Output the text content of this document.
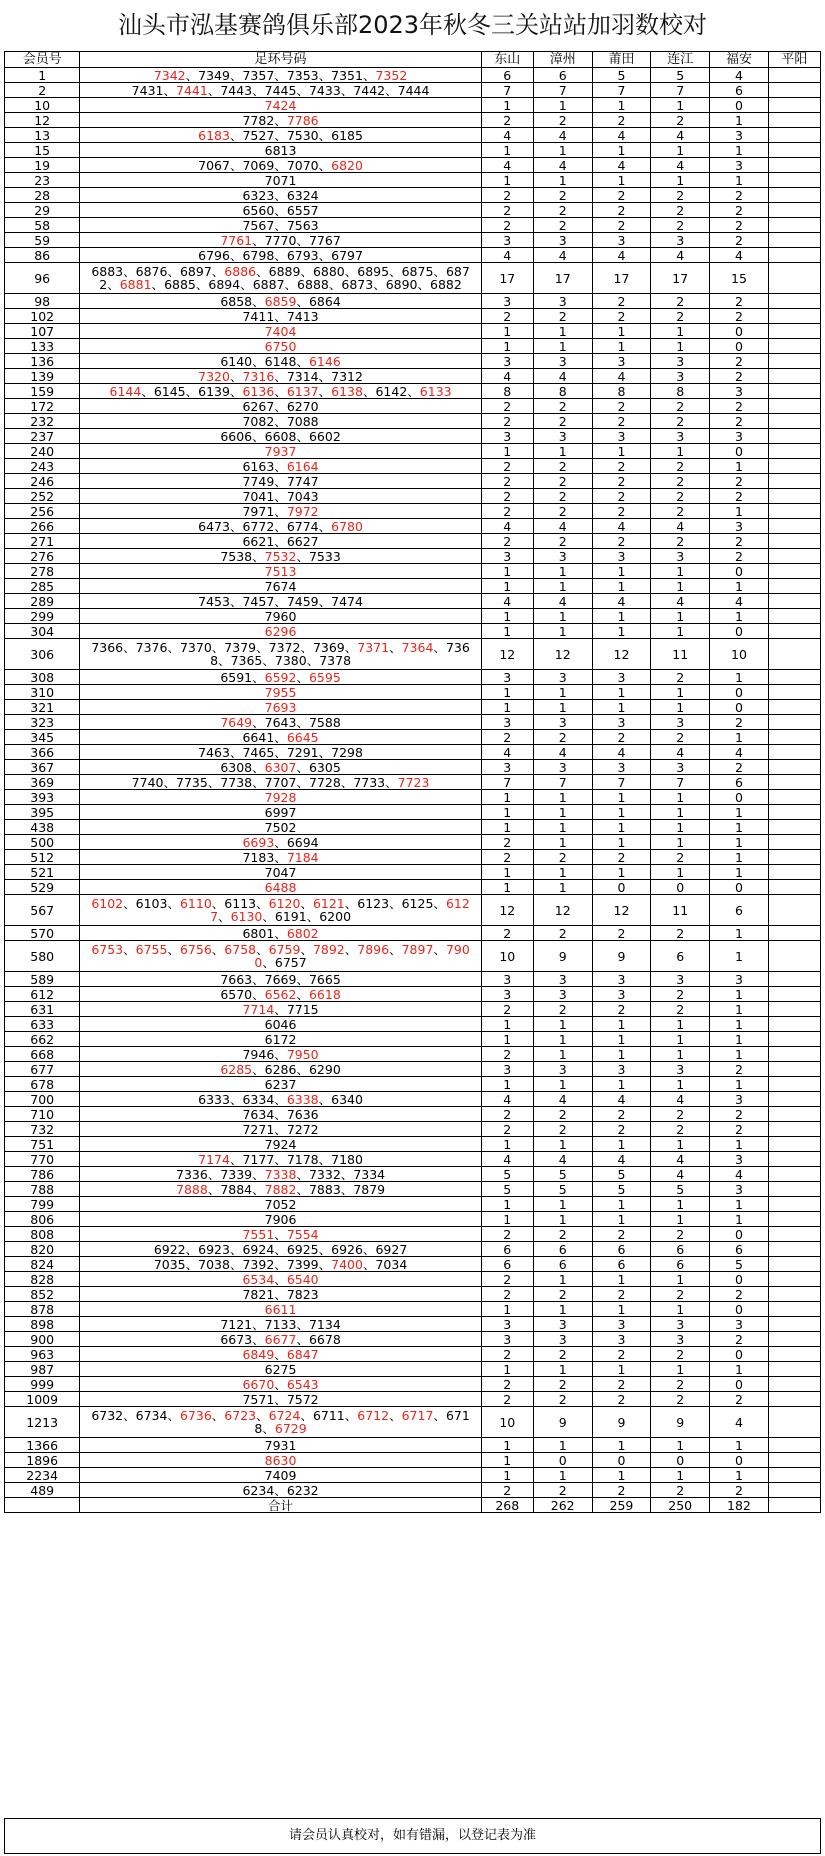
汕头市泓基赛鸽俱乐部2023年秋冬三关站站加羽数校对
会员号	足环号码	东山	漳州	莆田	连江	福安	平阳
1	7342、7349、7357、7353、7351、7352	6	6	5	5	4	
2	7431、7441、7443、7445、7433、7442、7444	7	7	7	7	6	
10	7424	1	1	1	1	0	
12	7782、7786	2	2	2	2	1	
13	6183、7527、7530、6185	4	4	4	4	3	
15	6813	1	1	1	1	1	
19	7067、7069、7070、6820	4	4	4	4	3	
23	7071	1	1	1	1	1	
28	6323、6324	2	2	2	2	2	
29	6560、6557	2	2	2	2	2	
58	7567、7563	2	2	2	2	2	
59	7761、7770、7767	3	3	3	3	2	
86	6796、6798、6793、6797	4	4	4	4	4	
96	6883、6876、6897、6886、6889、6880、6895、6875、6872、6881、6885、6894、6887、6888、6873、6890、6882	17	17	17	17	15	
98	6858、6859、6864	3	3	2	2	2	
102	7411、7413	2	2	2	2	2	
107	7404	1	1	1	1	0	
133	6750	1	1	1	1	0	
136	6140、6148、6146	3	3	3	3	2	
139	7320、7316、7314、7312	4	4	4	3	2	
159	6144、6145、6139、6136、6137、6138、6142、6133	8	8	8	8	3	
172	6267、6270	2	2	2	2	2	
232	7082、7088	2	2	2	2	2	
237	6606、6608、6602	3	3	3	3	3	
240	7937	1	1	1	1	0	
243	6163、6164	2	2	2	2	1	
246	7749、7747	2	2	2	2	2	
252	7041、7043	2	2	2	2	2	
256	7971、7972	2	2	2	2	1	
266	6473、6772、6774、6780	4	4	4	4	3	
271	6621、6627	2	2	2	2	2	
276	7538、7532、7533	3	3	3	3	2	
278	7513	1	1	1	1	0	
285	7674	1	1	1	1	1	
289	7453、7457、7459、7474	4	4	4	4	4	
299	7960	1	1	1	1	1	
304	6296	1	1	1	1	0	
306	7366、7376、7370、7379、7372、7369、7371、7364、7368、7365、7380、7378	12	12	12	11	10	
308	6591、6592、6595	3	3	3	2	1	
310	7955	1	1	1	1	0	
321	7693	1	1	1	1	0	
323	7649、7643、7588	3	3	3	3	2	
345	6641、6645	2	2	2	2	1	
366	7463、7465、7291、7298	4	4	4	4	4	
367	6308、6307、6305	3	3	3	3	2	
369	7740、7735、7738、7707、7728、7733、7723	7	7	7	7	6	
393	7928	1	1	1	1	0	
395	6997	1	1	1	1	1	
438	7502	1	1	1	1	1	
500	6693、6694	2	1	1	1	1	
512	7183、7184	2	2	2	2	1	
521	7047	1	1	1	1	1	
529	6488	1	1	0	0	0	
567	6102、6103、6110、6113、6120、6121、6123、6125、6127、6130、6191、6200	12	12	12	11	6	
570	6801、6802	2	2	2	2	1	
580	6753、6755、6756、6758、6759、7892、7896、7897、7900、6757	10	9	9	6	1	
589	7663、7669、7665	3	3	3	3	3	
612	6570、6562、6618	3	3	3	2	1	
631	7714、7715	2	2	2	2	1	
633	6046	1	1	1	1	1	
662	6172	1	1	1	1	1	
668	7946、7950	2	1	1	1	1	
677	6285、6286、6290	3	3	3	3	2	
678	6237	1	1	1	1	1	
700	6333、6334、6338、6340	4	4	4	4	3	
710	7634、7636	2	2	2	2	2	
732	7271、7272	2	2	2	2	2	
751	7924	1	1	1	1	1	
770	7174、7177、7178、7180	4	4	4	4	3	
786	7336、7339、7338、7332、7334	5	5	5	4	4	
788	7888、7884、7882、7883、7879	5	5	5	5	3	
799	7052	1	1	1	1	1	
806	7906	1	1	1	1	1	
808	7551、7554	2	2	2	2	0	
820	6922、6923、6924、6925、6926、6927	6	6	6	6	6	
824	7035、7038、7392、7399、7400、7034	6	6	6	6	5	
828	6534、6540	2	1	1	1	0	
852	7821、7823	2	2	2	2	2	
878	6611	1	1	1	1	0	
898	7121、7133、7134	3	3	3	3	3	
900	6673、6677、6678	3	3	3	3	2	
963	6849、6847	2	2	2	2	0	
987	6275	1	1	1	1	1	
999	6670、6543	2	2	2	2	0	
1009	7571、7572	2	2	2	2	2	
1213	6732、6734、6736、6723、6724、6711、6712、6717、6718、6729	10	9	9	9	4	
1366	7931	1	1	1	1	1	
1896	8630	1	0	0	0	0	
2234	7409	1	1	1	1	1	
489	6234、6232	2	2	2	2	2	
	合计	268	262	259	250	182	
请会员认真校对，如有错漏，以登记表为准
